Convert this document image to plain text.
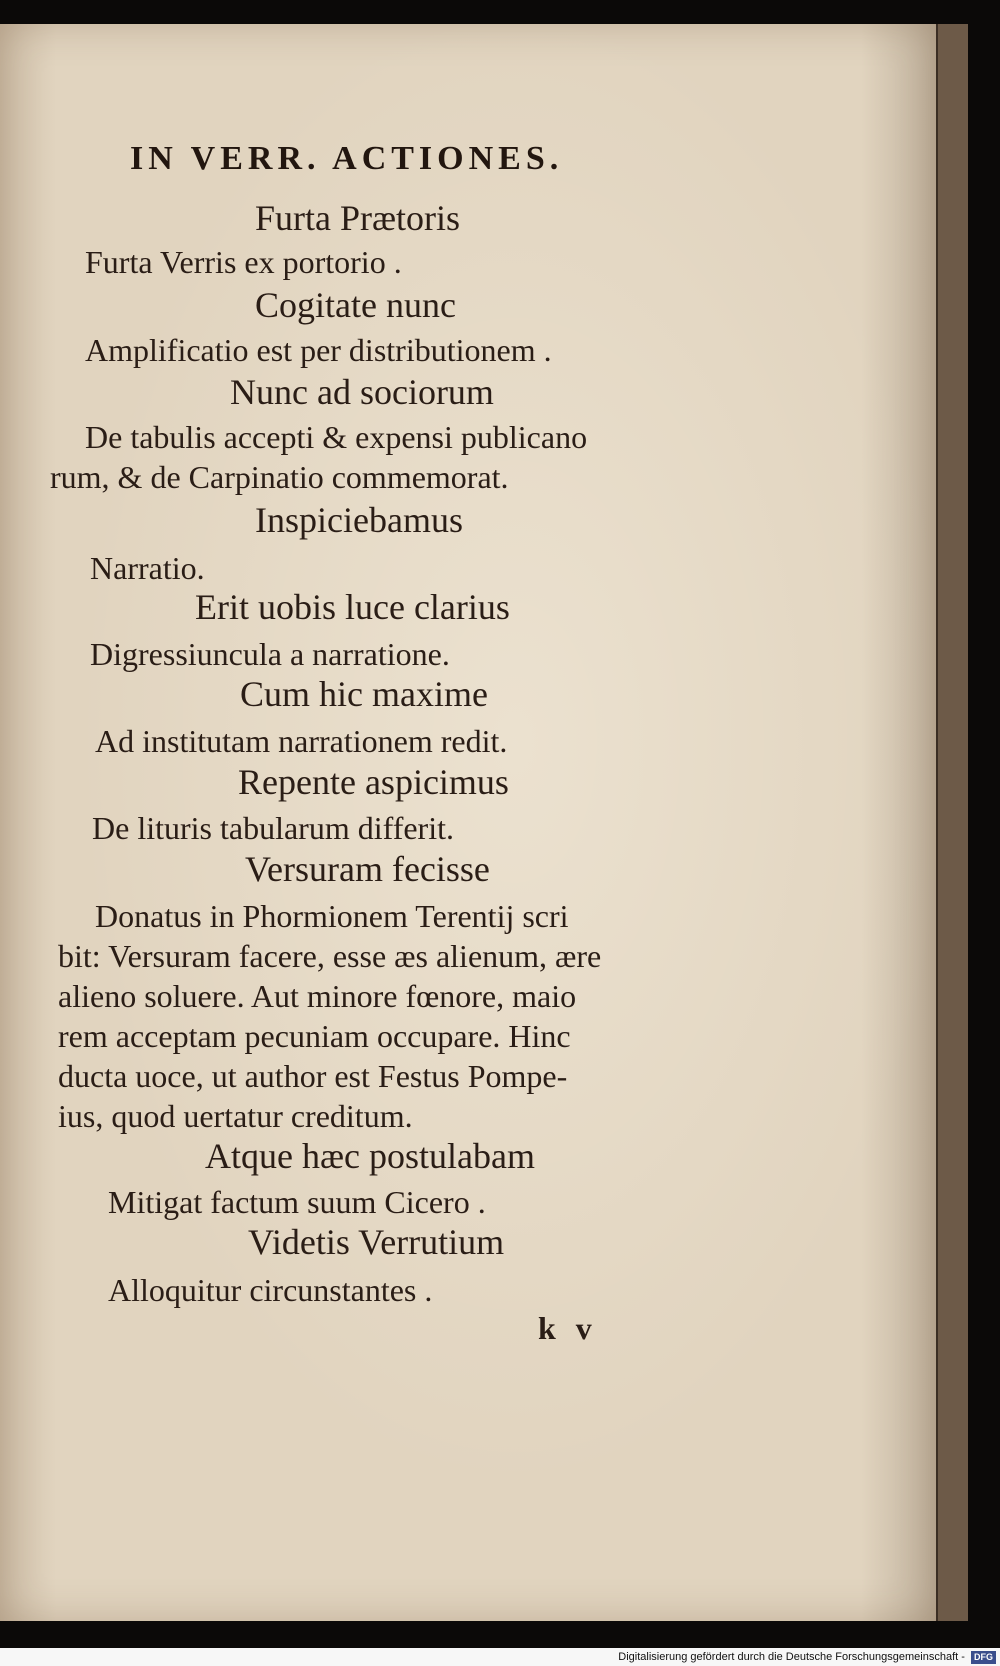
IN VERR. ACTIONES.
Furta Prætoris
Furta Verris ex portorio .
Cogitate nunc
Amplificatio est per distributionem .
Nunc ad sociorum
De tabulis accepti & expensi publicano
rum, & de Carpinatio commemorat.
Inspiciebamus
Narratio.
Erit uobis luce clarius
Digressiuncula a narratione.
Cum hic maxime
Ad institutam narrationem redit.
Repente aspicimus
De lituris tabularum differit.
Versuram fecisse
Donatus in Phormionem Terentij scri
bit: Versuram facere, esse æs alienum, ære
alieno soluere. Aut minore fœnore, maio
rem acceptam pecuniam occupare. Hinc
ducta uoce, ut author est Festus Pompe-
ius, quod uertatur creditum.
Atque hæc postulabam
Mitigat factum suum Cicero .
Videtis Verrutium
Alloquitur circunstantes .
k v
Digitalisierung gefördert durch die Deutsche Forschungsgemeinschaft - DFG
